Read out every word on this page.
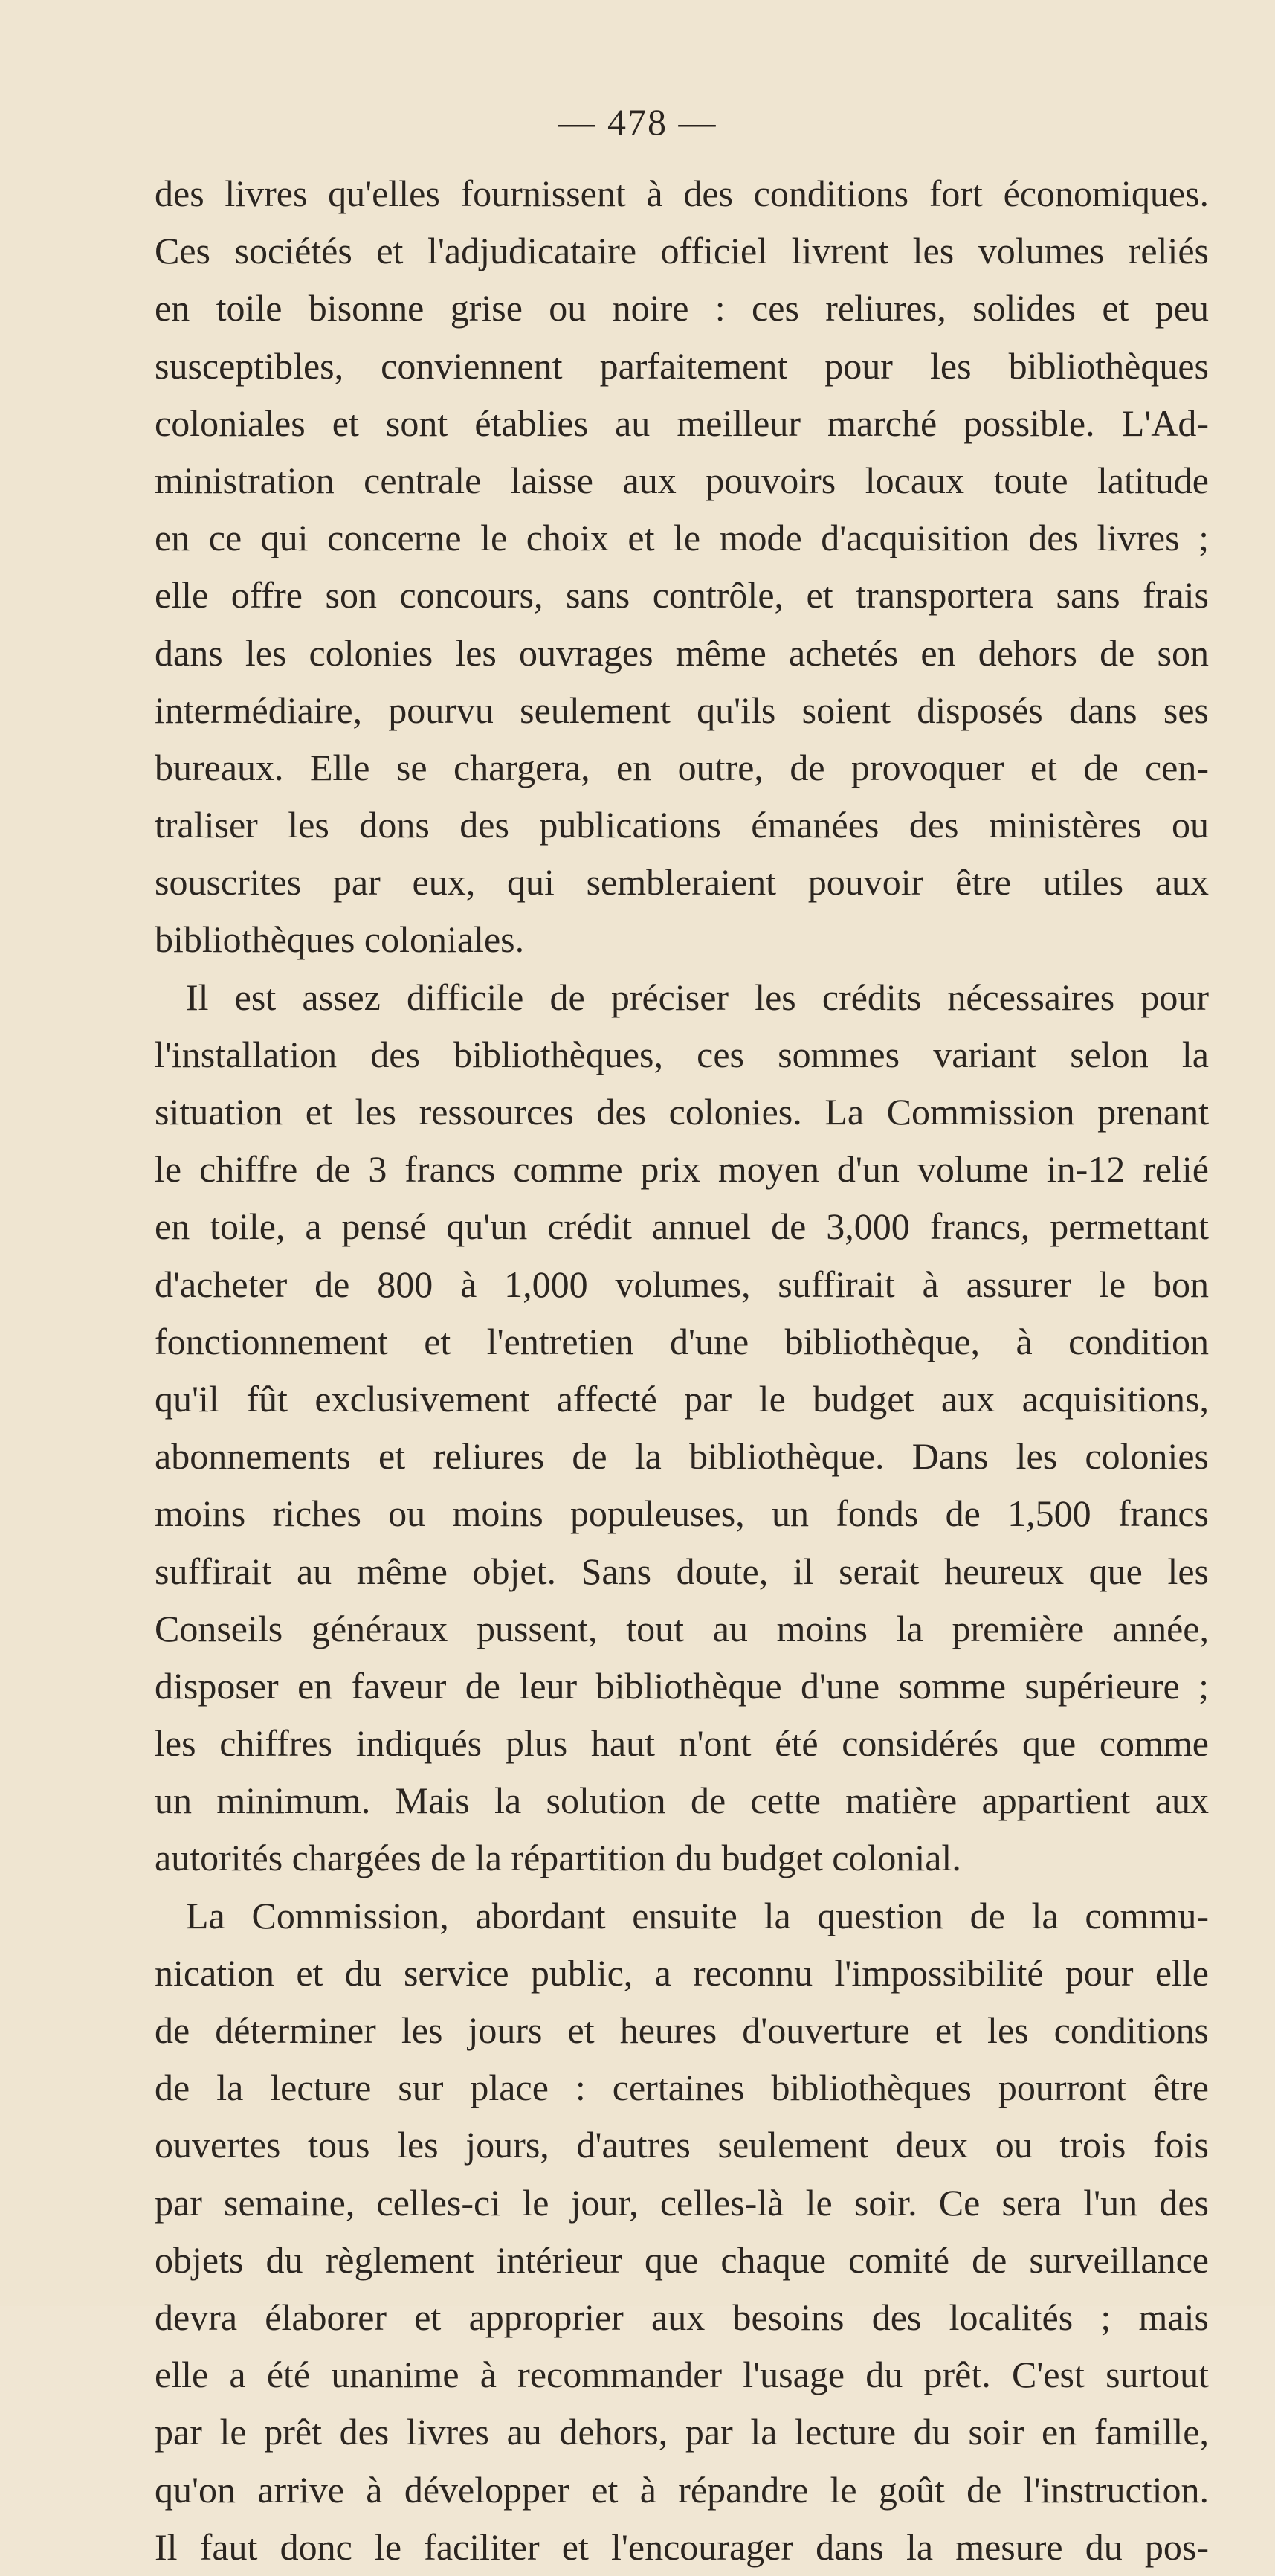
— 478 —
des livres qu'elles fournissent à des conditions fort économiques.
Ces sociétés et l'adjudicataire officiel livrent les volumes reliés
en toile bisonne grise ou noire : ces reliures, solides et peu
susceptibles, conviennent parfaitement pour les bibliothèques
coloniales et sont établies au meilleur marché possible. L'Ad-
ministration centrale laisse aux pouvoirs locaux toute latitude
en ce qui concerne le choix et le mode d'acquisition des livres ;
elle offre son concours, sans contrôle, et transportera sans frais
dans les colonies les ouvrages même achetés en dehors de son
intermédiaire, pourvu seulement qu'ils soient disposés dans ses
bureaux. Elle se chargera, en outre, de provoquer et de cen-
traliser les dons des publications émanées des ministères ou
souscrites par eux, qui sembleraient pouvoir être utiles aux
bibliothèques coloniales.
Il est assez difficile de préciser les crédits nécessaires pour
l'installation des bibliothèques, ces sommes variant selon la
situation et les ressources des colonies. La Commission prenant
le chiffre de 3 francs comme prix moyen d'un volume in-12 relié
en toile, a pensé qu'un crédit annuel de 3,000 francs, permettant
d'acheter de 800 à 1,000 volumes, suffirait à assurer le bon
fonctionnement et l'entretien d'une bibliothèque, à condition
qu'il fût exclusivement affecté par le budget aux acquisitions,
abonnements et reliures de la bibliothèque. Dans les colonies
moins riches ou moins populeuses, un fonds de 1,500 francs
suffirait au même objet. Sans doute, il serait heureux que les
Conseils généraux pussent, tout au moins la première année,
disposer en faveur de leur bibliothèque d'une somme supérieure ;
les chiffres indiqués plus haut n'ont été considérés que comme
un minimum. Mais la solution de cette matière appartient aux
autorités chargées de la répartition du budget colonial.
La Commission, abordant ensuite la question de la commu-
nication et du service public, a reconnu l'impossibilité pour elle
de déterminer les jours et heures d'ouverture et les conditions
de la lecture sur place : certaines bibliothèques pourront être
ouvertes tous les jours, d'autres seulement deux ou trois fois
par semaine, celles-ci le jour, celles-là le soir. Ce sera l'un des
objets du règlement intérieur que chaque comité de surveillance
devra élaborer et approprier aux besoins des localités ; mais
elle a été unanime à recommander l'usage du prêt. C'est surtout
par le prêt des livres au dehors, par la lecture du soir en famille,
qu'on arrive à développer et à répandre le goût de l'instruction.
Il faut donc le faciliter et l'encourager dans la mesure du pos-
